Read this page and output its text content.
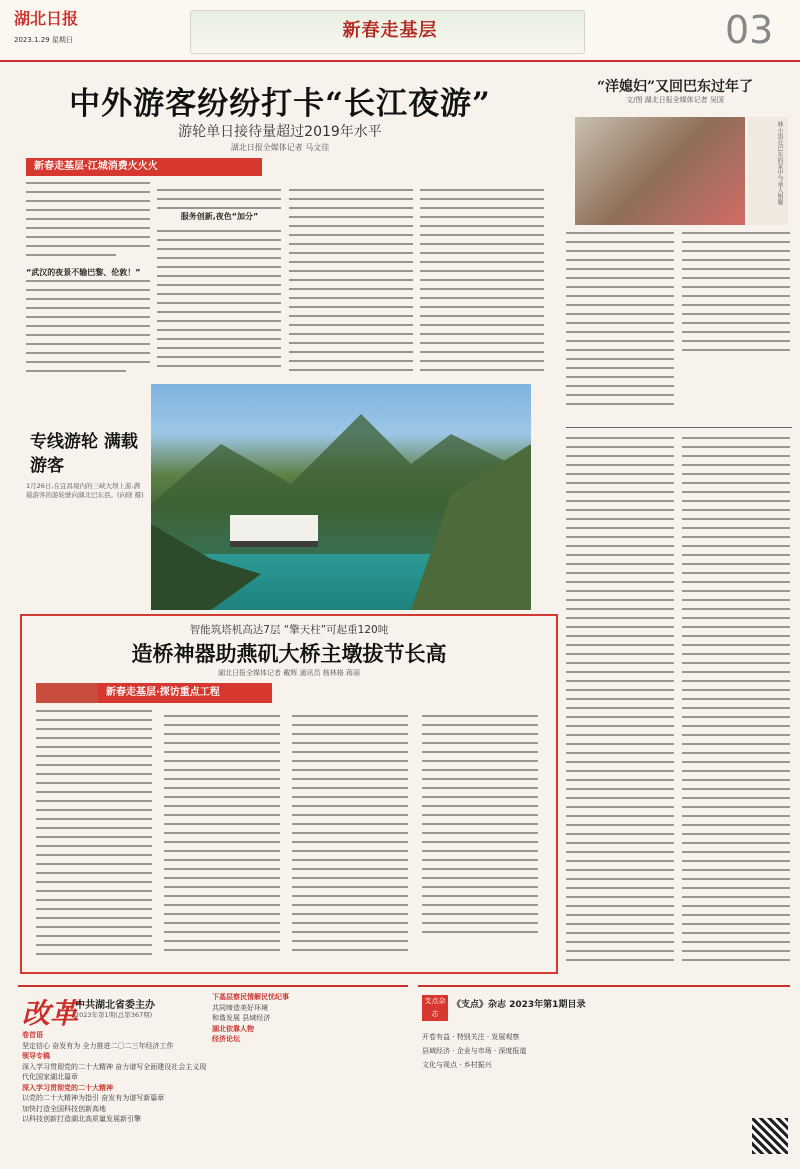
湖北日报
2023.1.29 星期日	新春走基层	03
中外游客纷纷打卡“长江夜游”
游轮单日接待量超过2019年水平
湖北日报全媒体记者 马文佳
新春走基层·江城消费火火火
“武汉的夜景不输巴黎、伦敦！”
服务创新,夜色“加分”
专线游轮 满载游客
1月26日,在宜昌境内的三峡大坝上游,满载游客的游轮驶向湖北巴东县。(向晓 摄)
“洋媳妇”又回巴东过年了
文/图 湖北日报全媒体记者 吴国
林小黑在巴东的家中与亲人相聚
智能筑塔机高达7层 “擎天柱”可起重120吨
造桥神器助燕矶大桥主墩拔节长高
湖北日报全媒体记者 戴辉 通讯员 杨林格 蒋丽
新春走基层·探访重点工程
改革
中共湖北省委主办
2023年第1期(总第367期)
卷首语
坚定信心 奋发有为 全力推进二〇二三年经济工作
领导专稿
深入学习贯彻党的二十大精神 奋力谱写全面建设社会主义现代化国家湖北篇章
深入学习贯彻党的二十大精神
以党的二十大精神为指引 奋发有为谱写新篇章
加快打造全国科技创新高地
以科技创新打造湖北高质量发展新引擎
下基层察民情解民忧纪事
共同缔造美好环境
和谐发展 县域经济
湖北依靠人物
经济论坛
支点杂志
《支点》杂志 2023年第1期目录
开卷有益 · 特别关注 · 发展观察
县域经济 · 企业与市场 · 深度报道
文化与视点 · 乡村振兴
